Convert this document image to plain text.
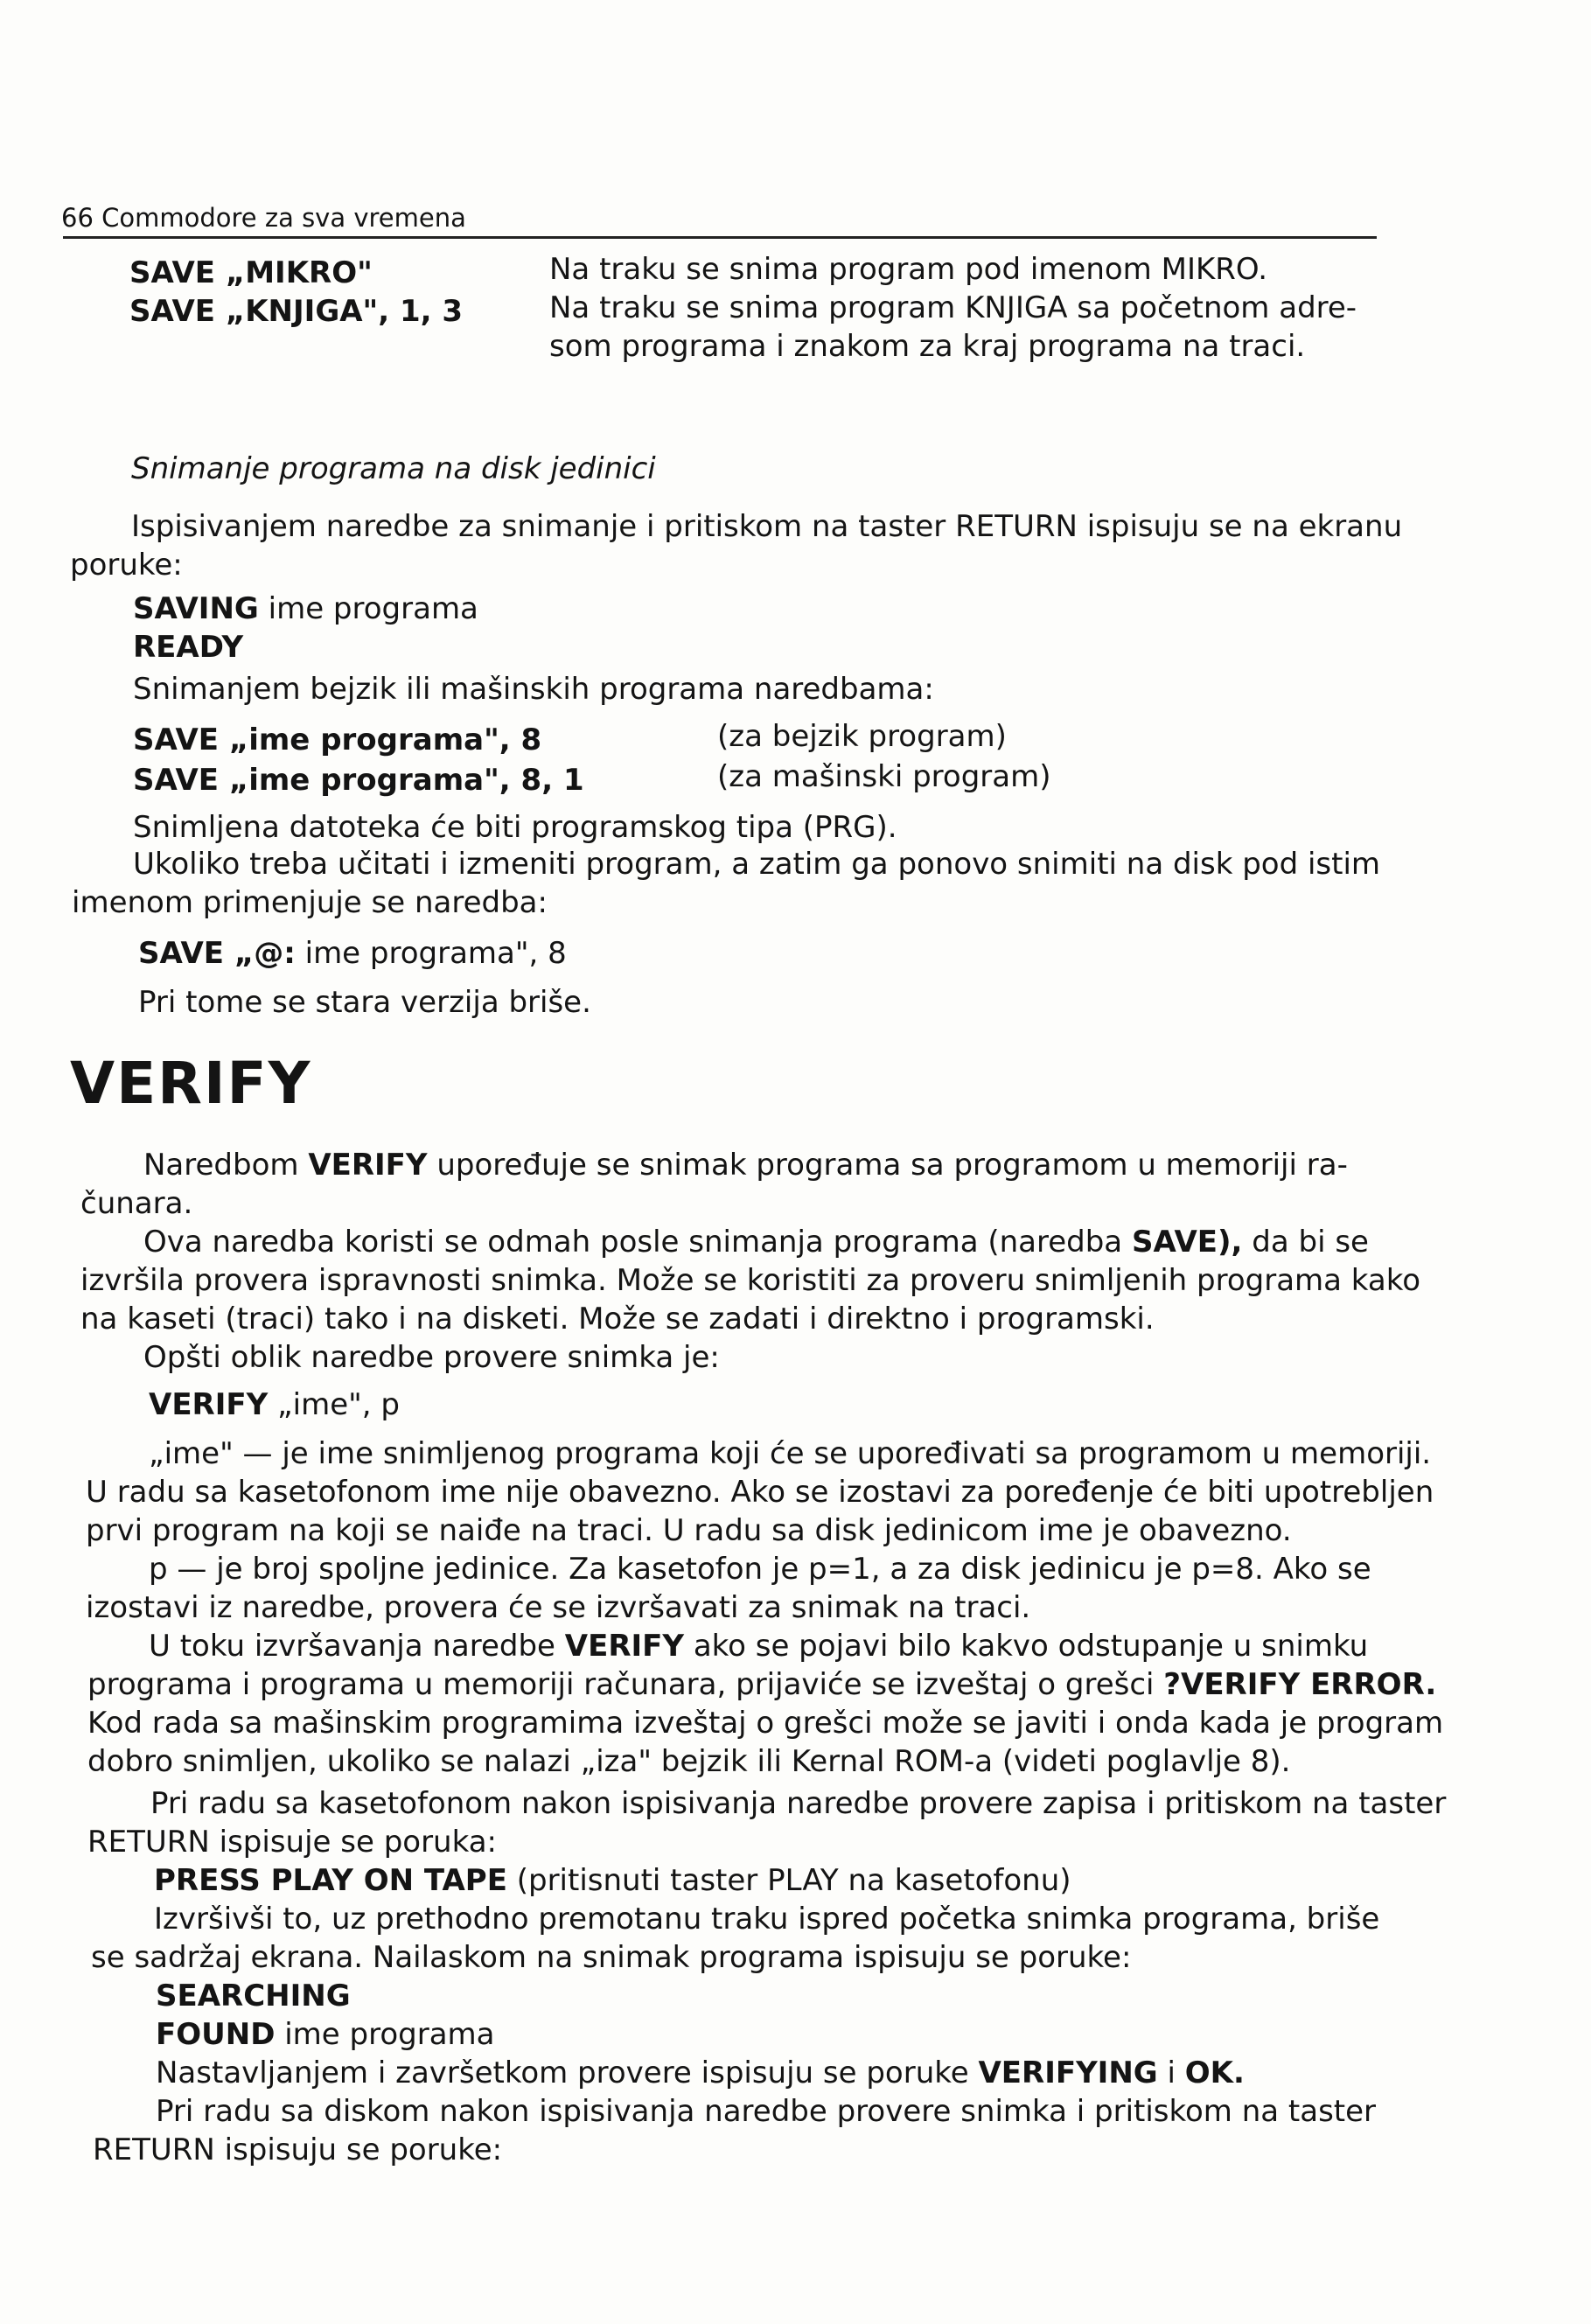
66 Commodore za sva vremena
SAVE „MIKRO"	Na traku se snima program pod imenom MIKRO.
SAVE „KNJIGA", 1, 3	Na traku se snima program KNJIGA sa početnom adre-
som programa i znakom za kraj programa na traci.
Snimanje programa na disk jedinici
Ispisivanjem naredbe za snimanje i pritiskom na taster RETURN ispisuju se na ekranu
poruke:
SAVING ime programa
READY
Snimanjem bejzik ili mašinskih programa naredbama:
SAVE „ime programa", 8	(za bejzik program)
SAVE „ime programa", 8, 1	(za mašinski program)
Snimljena datoteka će biti programskog tipa (PRG).
Ukoliko treba učitati i izmeniti program, a zatim ga ponovo snimiti na disk pod istim
imenom primenjuje se naredba:
SAVE „@: ime programa", 8
Pri tome se stara verzija briše.
VERIFY
Naredbom VERIFY upoređuje se snimak programa sa programom u memoriji ra-
čunara.
Ova naredba koristi se odmah posle snimanja programa (naredba SAVE), da bi se
izvršila provera ispravnosti snimka. Može se koristiti za proveru snimljenih programa kako
na kaseti (traci) tako i na disketi. Može se zadati i direktno i programski.
Opšti oblik naredbe provere snimka je:
VERIFY „ime", p
„ime" — je ime snimljenog programa koji će se upoređivati sa programom u memoriji.
U radu sa kasetofonom ime nije obavezno. Ako se izostavi za poređenje će biti upotrebljen
prvi program na koji se naiđe na traci. U radu sa disk jedinicom ime je obavezno.
p — je broj spoljne jedinice. Za kasetofon je p=1, a za disk jedinicu je p=8. Ako se
izostavi iz naredbe, provera će se izvršavati za snimak na traci.
U toku izvršavanja naredbe VERIFY ako se pojavi bilo kakvo odstupanje u snimku
programa i programa u memoriji računara, prijaviće se izveštaj o grešci ?VERIFY ERROR.
Kod rada sa mašinskim programima izveštaj o grešci može se javiti i onda kada je program
dobro snimljen, ukoliko se nalazi „iza" bejzik ili Kernal ROM-a (videti poglavlje 8).
Pri radu sa kasetofonom nakon ispisivanja naredbe provere zapisa i pritiskom na taster
RETURN ispisuje se poruka:
PRESS PLAY ON TAPE (pritisnuti taster PLAY na kasetofonu)
Izvršivši to, uz prethodno premotanu traku ispred početka snimka programa, briše
se sadržaj ekrana. Nailaskom na snimak programa ispisuju se poruke:
SEARCHING
FOUND ime programa
Nastavljanjem i završetkom provere ispisuju se poruke VERIFYING i OK.
Pri radu sa diskom nakon ispisivanja naredbe provere snimka i pritiskom na taster
RETURN ispisuju se poruke:
